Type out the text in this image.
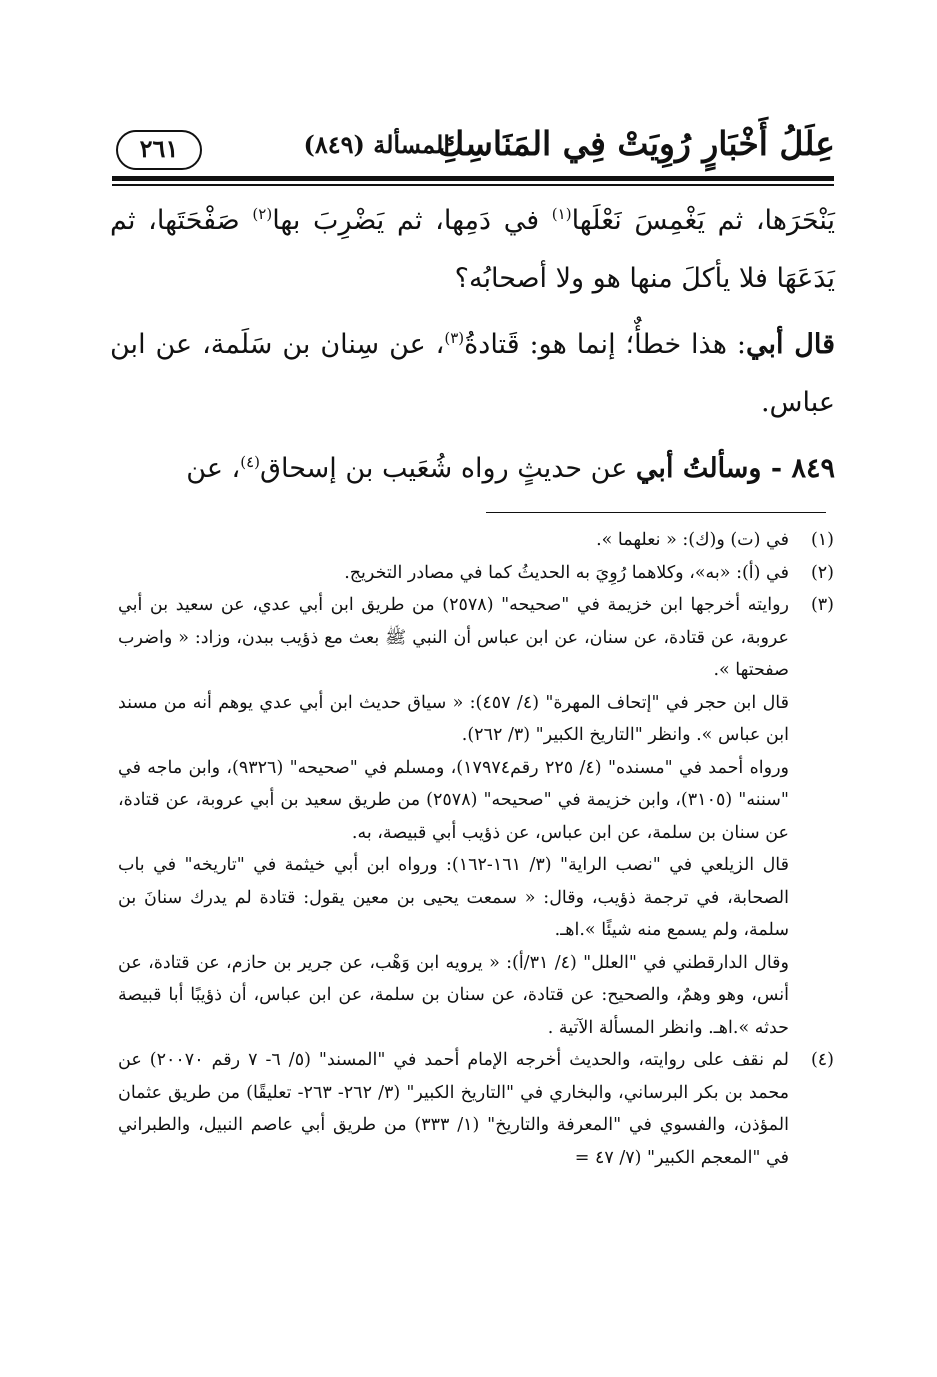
عِلَلُ أَخْبَارٍ رُوِيَتْ فِي المَنَاسِكِ
المسألة (٨٤٩)
٢٦١

يَنْحَرَها، ثم يَغْمِسَ نَعْلَها$^{(١)}$ في دَمِها، ثم يَضْرِبَ بها$^{(٢)}$ صَفْحَتَها، ثم يَدَعَهَا فلا يأكلَ منها هو ولا أصحابُه؟

قال أبي: هذا خطأٌ؛ إنما هو: قَتادةُ$^{(٣)}$، عن سِنان بن سَلَمة، عن ابن عباس.

٨٤٩ - وسألتُ أبي عن حديثٍ رواه شُعَيب بن إسحاق$^{(٤)}$، عن

(١)
في (ت) و(ك): « نعلهما ».
(٢)
في (أ): «به»، وكلاهما رُوِيَ به الحديثُ كما في مصادر التخريج.
(٣)

روايته أخرجها ابن خزيمة في "صحيحه" (٢٥٧٨) من طريق ابن أبي عدي، عن سعيد بن أبي عروبة، عن قتادة، عن سنان، عن ابن عباس أن النبي ﷺ بعث مع ذؤيب ببدن، وزاد: « واضرب صفحتها ».

قال ابن حجر في "إتحاف المهرة" (٤/ ٤٥٧): « سياق حديث ابن أبي عدي يوهم أنه من مسند ابن عباس ». وانظر "التاريخ الكبير" (٣/ ٢٦٢).

ورواه أحمد في "مسنده" (٤/ ٢٢٥ رقم١٧٩٧٤)، ومسلم في "صحيحه" (٩٣٢٦)، وابن ماجه في "سننه" (٣١٠٥)، وابن خزيمة في "صحيحه" (٢٥٧٨) من طريق سعيد بن أبي عروبة، عن قتادة، عن سنان بن سلمة، عن ابن عباس، عن ذؤيب أبي قبيصة، به.

قال الزيلعي في "نصب الراية" (٣/ ١٦١-١٦٢): ورواه ابن أبي خيثمة في "تاريخه" في باب الصحابة، في ترجمة ذؤيب، وقال: « سمعت يحيى بن معين يقول: قتادة لم يدرك سنانَ بن سلمة، ولم يسمع منه شيئًا ».اهـ.

وقال الدارقطني في "العلل" (٤/ ٣١/أ): « يرويه ابن وَهْب، عن جرير بن حازم، عن قتادة، عن أنس، وهو وهمٌ، والصحيح: عن قتادة، عن سنان بن سلمة، عن ابن عباس، أن ذؤيبًا أبا قبيصة حدثه ».اهـ. وانظر المسألة الآتية .

(٤)
لم نقف على روايته، والحديث أخرجه الإمام أحمد في "المسند" (٥/ ٦- ٧ رقم ٢٠٠٧٠) عن محمد بن بكر البرساني، والبخاري في "التاريخ الكبير" (٣/ ٢٦٢- ٢٦٣- تعليقًا) من طريق عثمان المؤذن، والفسوي في "المعرفة والتاريخ" (١/ ٣٣٣) من طريق أبي عاصم النبيل، والطبراني في "المعجم الكبير" (٧/ ٤٧ =
